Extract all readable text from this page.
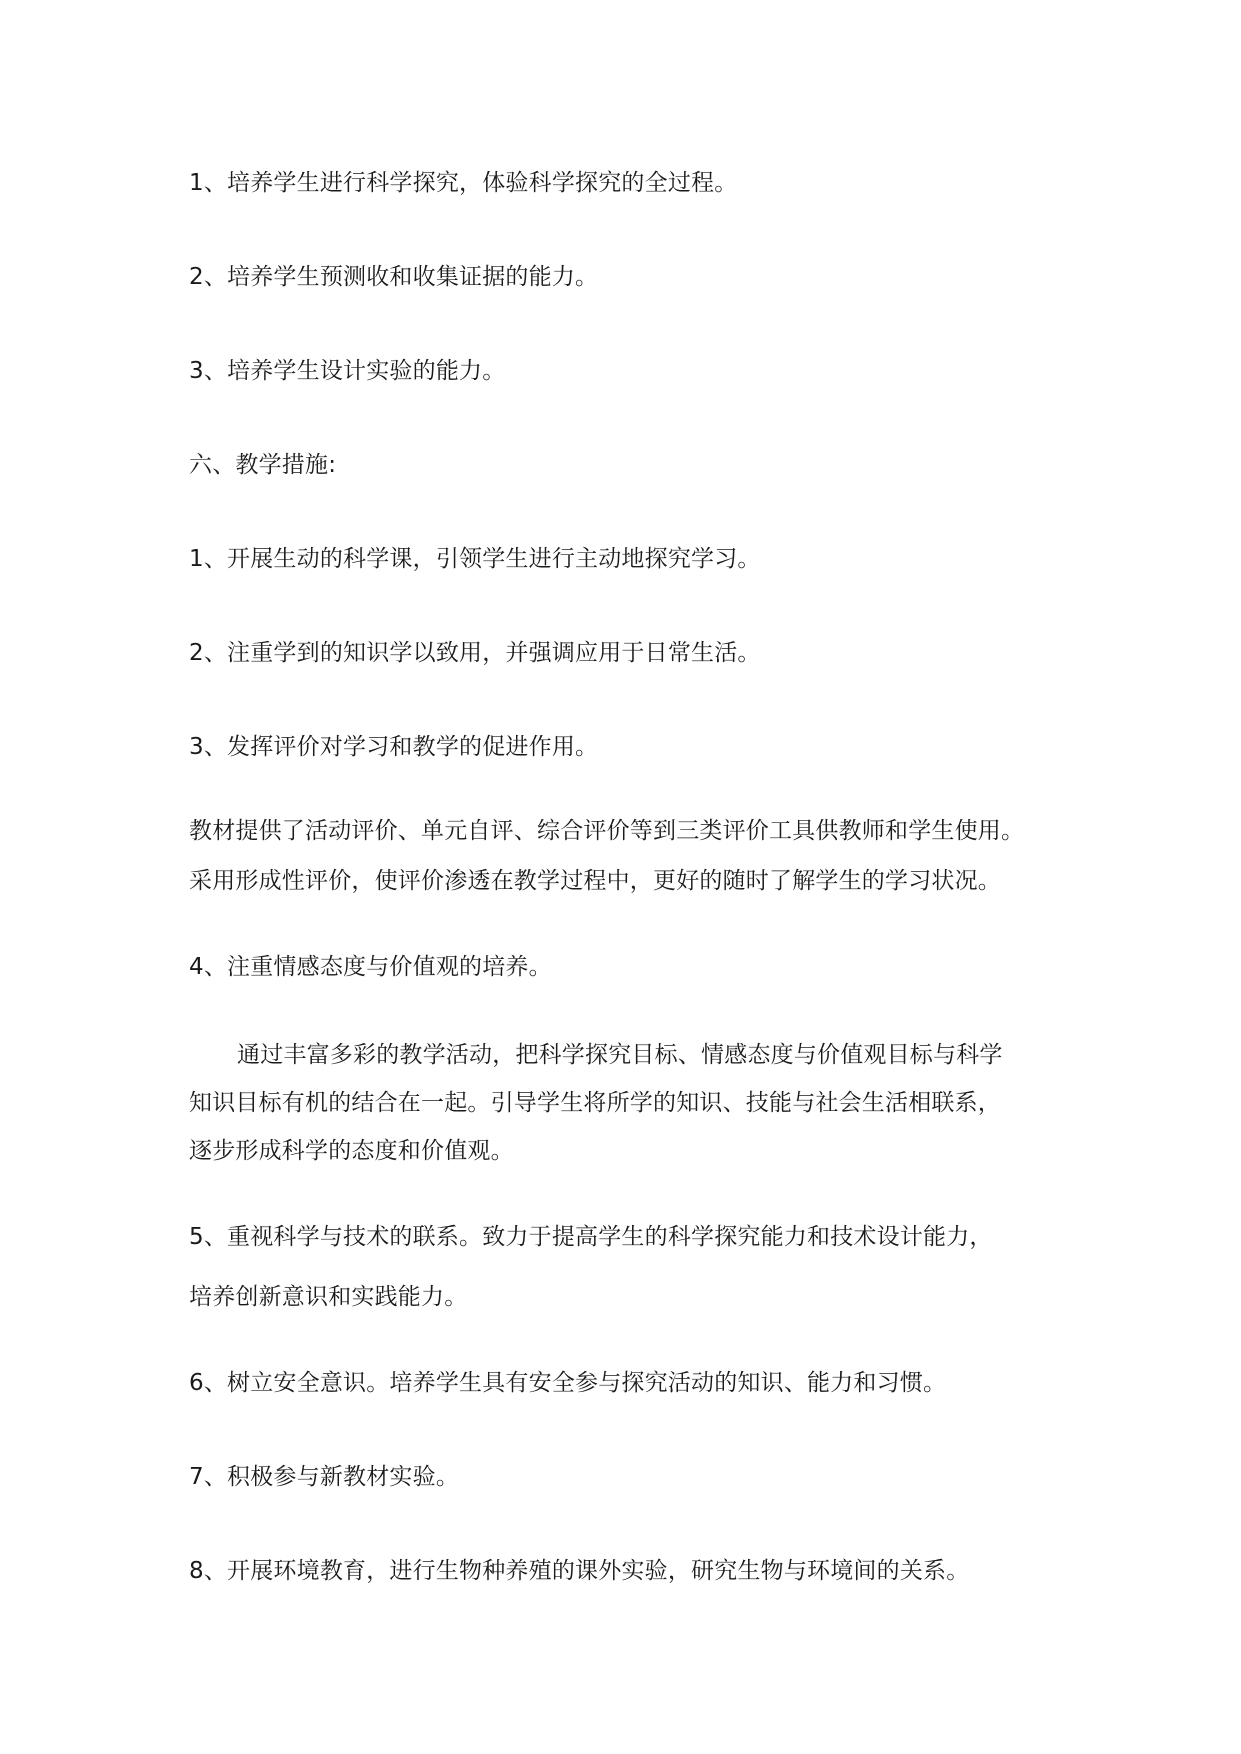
1、培养学生进行科学探究，体验科学探究的全过程。
2、培养学生预测收和收集证据的能力。
3、培养学生设计实验的能力。
六、教学措施:
1、开展生动的科学课，引领学生进行主动地探究学习。
2、注重学到的知识学以致用，并强调应用于日常生活。
3、发挥评价对学习和教学的促进作用。
教材提供了活动评价、单元自评、综合评价等到三类评价工具供教师和学生使用。
采用形成性评价，使评价渗透在教学过程中，更好的随时了解学生的学习状况。
4、注重情感态度与价值观的培养。
通过丰富多彩的教学活动，把科学探究目标、情感态度与价值观目标与科学
知识目标有机的结合在一起。引导学生将所学的知识、技能与社会生活相联系，
逐步形成科学的态度和价值观。
5、重视科学与技术的联系。致力于提高学生的科学探究能力和技术设计能力，
培养创新意识和实践能力。
6、树立安全意识。培养学生具有安全参与探究活动的知识、能力和习惯。
7、积极参与新教材实验。
8、开展环境教育，进行生物种养殖的课外实验，研究生物与环境间的关系。
